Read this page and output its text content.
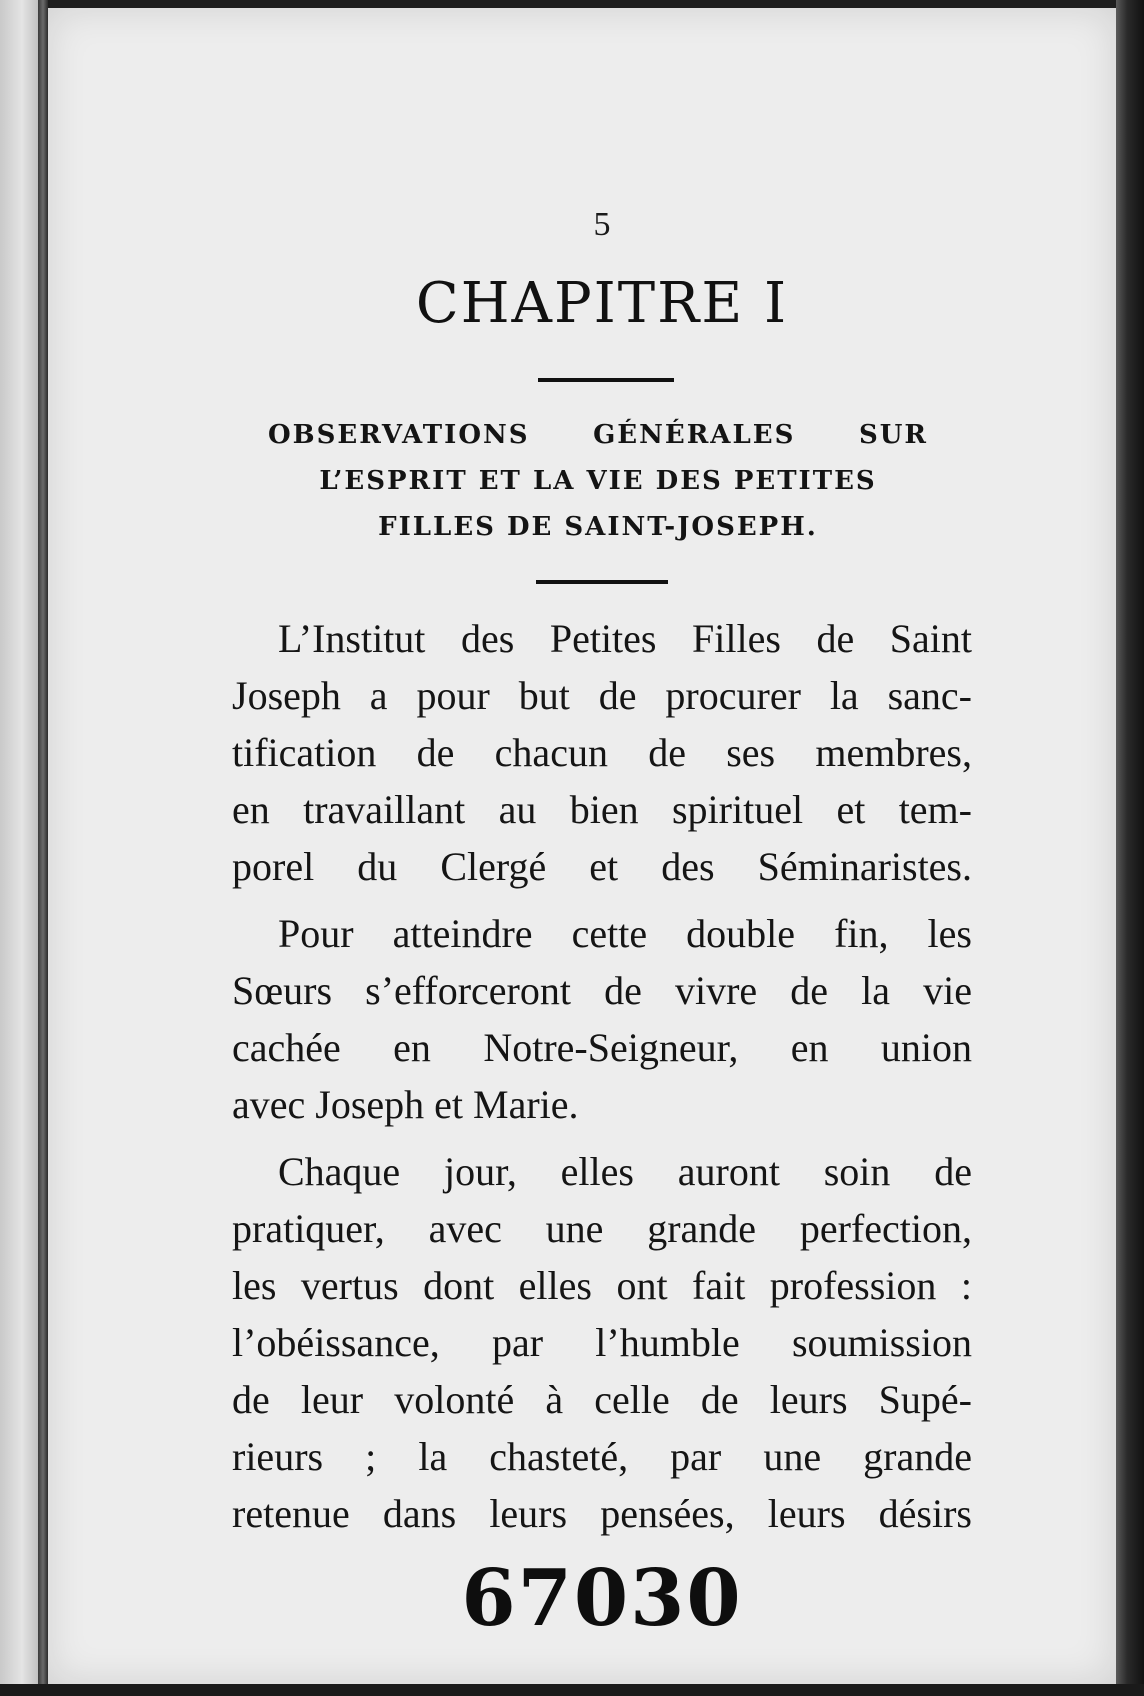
5
CHAPITRE I
OBSERVATIONS GÉNÉRALES SUR
L’ESPRIT ET LA VIE DES PETITES
FILLES DE SAINT-JOSEPH.

L’Institut des Petites Filles de Saint
Joseph a pour but de procurer la sanc-
tification de chacun de ses membres,
en travaillant au bien spirituel et tem-
porel du Clergé et des Séminaristes.

Pour atteindre cette double fin, les
Sœurs s’efforceront de vivre de la vie
cachée en Notre-Seigneur, en union
avec Joseph et Marie.

Chaque jour, elles auront soin de
pratiquer, avec une grande perfection,
les vertus dont elles ont fait profession :
l’obéissance, par l’humble soumission
de leur volonté à celle de leurs Supé-
rieurs ; la chasteté, par une grande
retenue dans leurs pensées, leurs désirs

67030
